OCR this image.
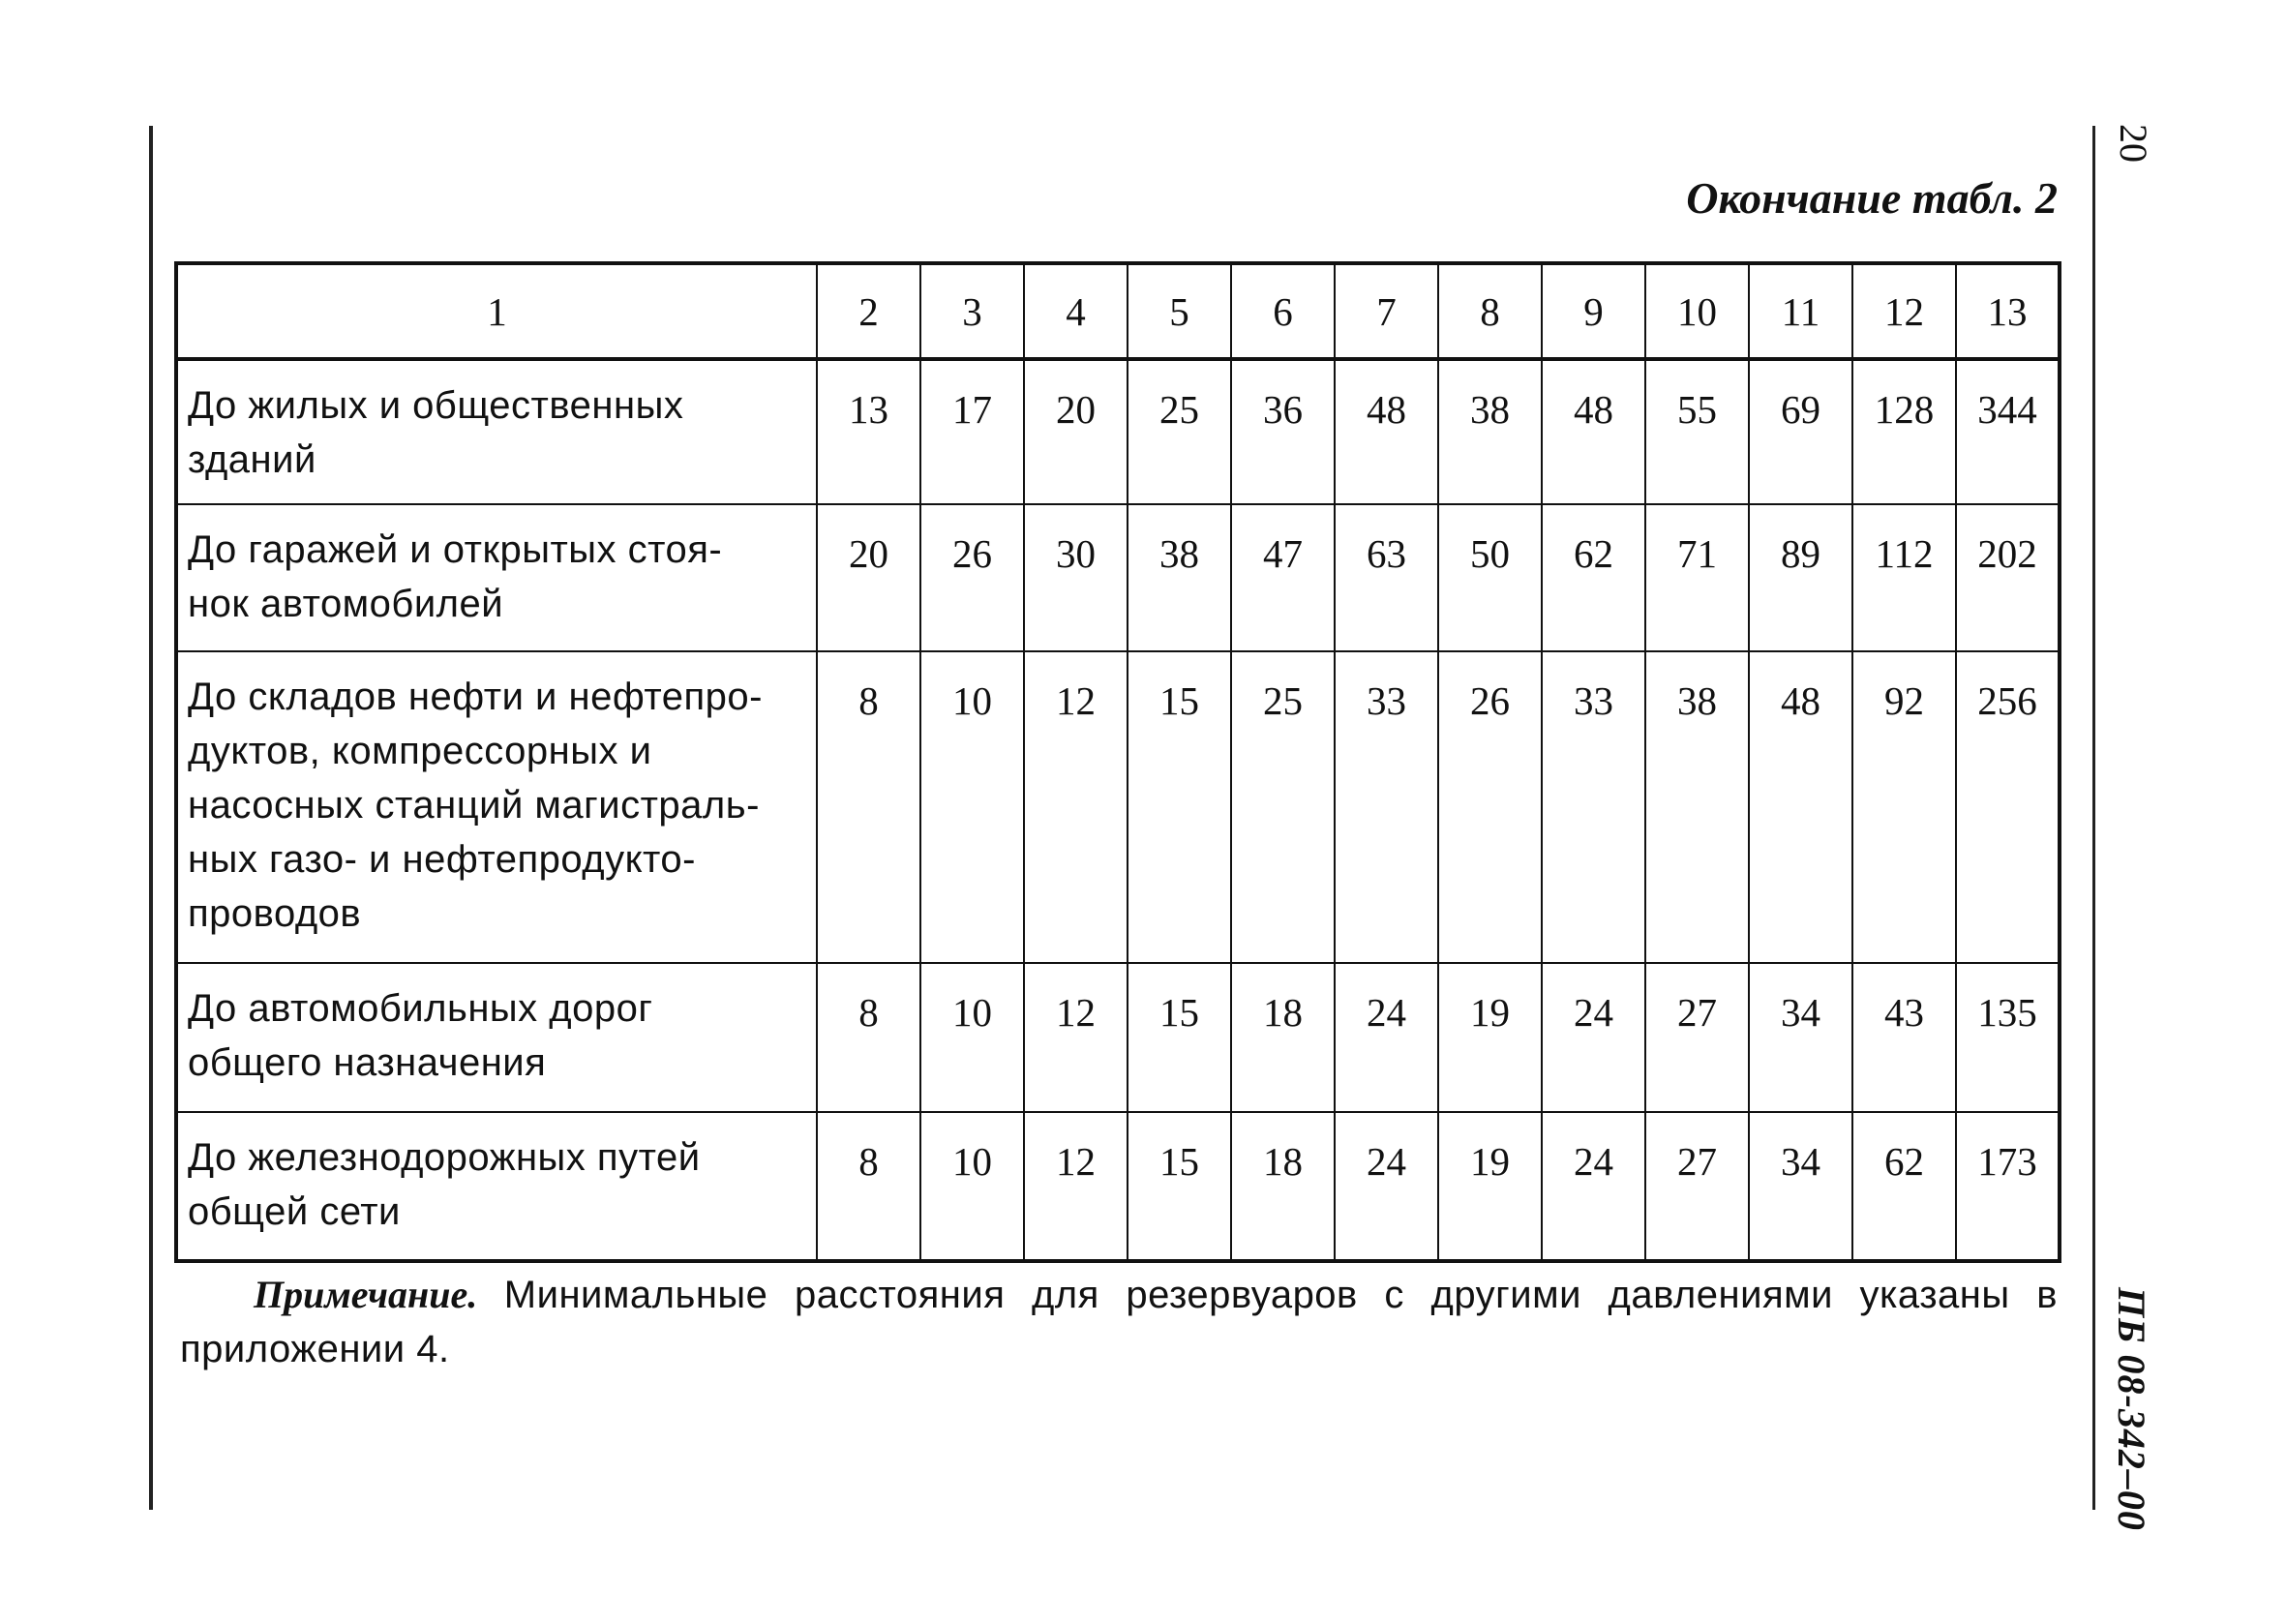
20
ПБ 08-342–00
Окончание табл. 2
1	2	3	4	5	6	7	8	9	10	11	12	13

До жилых и общественных
зданий	13	17	20	25	36	48	38	48	55	69	128	344

До гаражей и открытых стоя-
нок автомобилей	20	26	30	38	47	63	50	62	71	89	112	202

До складов нефти и нефтепро-
дуктов, компрессорных и
насосных станций магистраль-
ных газо- и нефтепродукто-
проводов	8	10	12	15	25	33	26	33	38	48	92	256

До автомобильных дорог
общего назначения	8	10	12	15	18	24	19	24	27	34	43	135

До железнодорожных путей
общей сети	8	10	12	15	18	24	19	24	27	34	62	173
Примечание. Минимальные расстояния для резервуаров с другими давлениями указаны в приложении 4.
